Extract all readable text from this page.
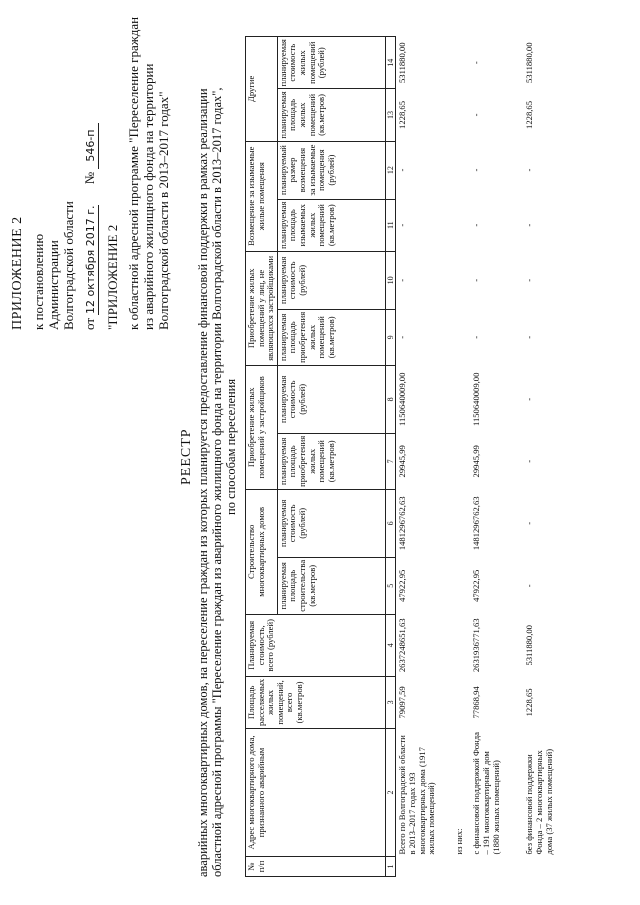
ПРИЛОЖЕНИЕ 2 к постановлению Администрации Волгоградской области от 12 октября 2017 г.  № 546-п
"ПРИЛОЖЕНИЕ 2 к областной адресной программе "Переселение граждан из аварийного жилищного фонда на территории Волгоградской области в 2013–2017 годах"
РЕЕСТР аварийных многоквартирных домов, на переселение граждан из которых планируется предоставление финансовой поддержки в рамках реализации областной адресной программы "Переселение граждан из аварийного жилищного фонда на территории Волгоградской области в 2013–2017 годах", по способам переселения
№ п/п	Адрес многоквартирного дома, признанного аварийным	Площадь расселяемых жилых помещений, всего (кв.метров)	Планируемая стоимость, всего (рублей)	Строительство многоквартирных домов		Приобретение жилых помещений у застройщиков		Приобретение жилых помещений у лиц, не являющихся застройщиками		Возмещение за изымаемые жилые помещения		Другие	
				планируемая площадь строительства (кв.метров)	планируемая стоимость (рублей)	планируемая площадь приобретения жилых помещений (кв.метров)	планируемая стоимость (рублей)	планируемая площадь приобретения жилых помещений (кв.метров)	планируемая стоимость (рублей)	планируемая площадь изымаемых жилых помещений (кв.метров)	планируемый размер возмещения за изымаемые помещения (рублей)	планируемая площадь жилых помещений (кв.метров)	планируемая стоимость жилых помещений (рублей)
1	2	3	4	5	6	7	8	9	10	11	12	13	14
	Всего по Волгоградской области в 2013–2017 годах 193 многоквартирных дома (1917 жилых помещений)	79097,59	2637248651,63	47922,95	1481296762,63	29945,99	1150640009,00	-	-	-	-	1228,65	5311880,00
	из них:												
	с финансовой поддержкой Фонда – 191 многоквартирный дом (1880 жилых помещений)	77868,94	2631936771,63	47922,95	1481296762,63	29945,99	1150640009,00	-	-	-	-	-	-
	без финансовой поддержки Фонда – 2 многоквартирных дома (37 жилых помещений)	1228,65	5311880,00	-	-	-	-	-	-	-	-	1228,65	5311880,00
